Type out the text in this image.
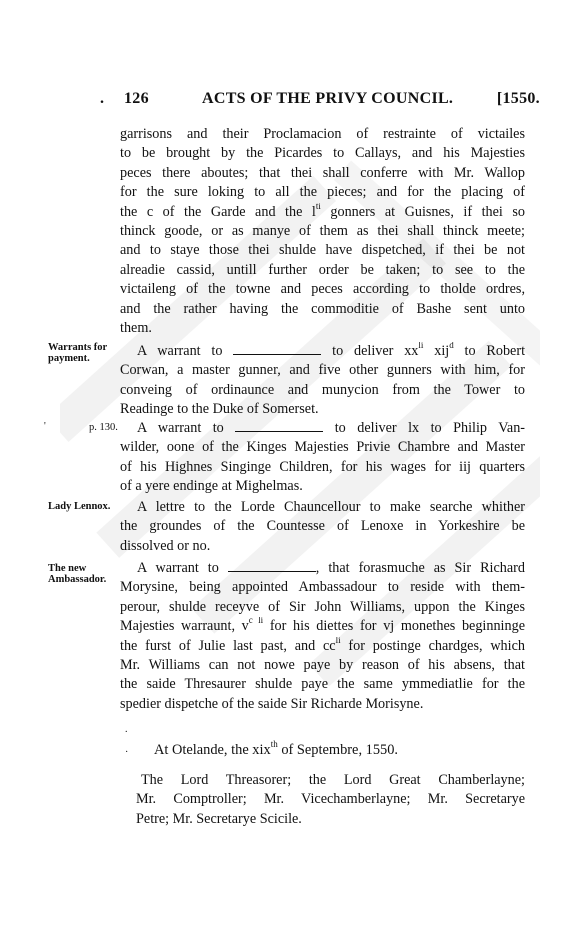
. 126	ACTS OF THE PRIVY COUNCIL.	[1550.
garrisons and their Proclamacion of restrainte of victailes
to be brought by the Picardes to Callays, and his Majesties
peces there aboutes; that thei shall conferre with Mr. Wallop
for the sure loking to all the pieces; and for the placing of
the c of the Garde and the $l^{ti}$ gonners at Guisnes, if thei so
thinck goode, or as manye of them as thei shall thinck meete;
and to staye those thei shulde have dispetched, if thei be not
alreadie cassid, untill further order be taken; to see to the
victaileng of the towne and peces according to tholde ordres,
and the rather having the commoditie of Bashe sent unto
them.
Warrants for payment.	A warrant to	to deliver $xx^{li}$ xij$^d$ to Robert
Corwan, a master gunner, and five other gunners with him, for
conveing of ordinaunce and munycion from the Tower to
Readinge to the Duke of Somerset.
'	p. 130.	A warrant to	to deliver lx to Philip Van-
wilder, oone of the Kinges Majesties Privie Chambre and Master
of his Highnes Singinge Children, for his wages for iij quarters
of a yere endinge at Mighelmas.
Lady Lennox.	A lettre to the Lorde Chauncellour to make searche whither
the groundes of the Countesse of Lenoxe in Yorkeshire be
dissolved or no.
The new Ambassador.
A warrant to	, that forasmuche as Sir Richard
Morysine, being appointed Ambassadour to reside with them-
perour, shulde receyve of Sir John Williams, uppon the Kinges
Majesties warraunt, $v^{c li}$ for his diettes for vj monethes beginninge
the furst of Julie last past, and $cc^{li}$ for postinge chardges, which
Mr. Williams can not nowe paye by reason of his absens, that
the saide Thresaurer shulde paye the same ymmediatlie for the
spedier dispetche of the saide Sir Richarde Morisyne.
.
· At Otelande, the xix$^{th}$ of Septembre, 1550.
The Lord Threasorer; the Lord Great Chamberlayne;
Mr. Comptroller; Mr. Vicechamberlayne; Mr. Secretarye
Petre; Mr. Secretarye Scicile.
